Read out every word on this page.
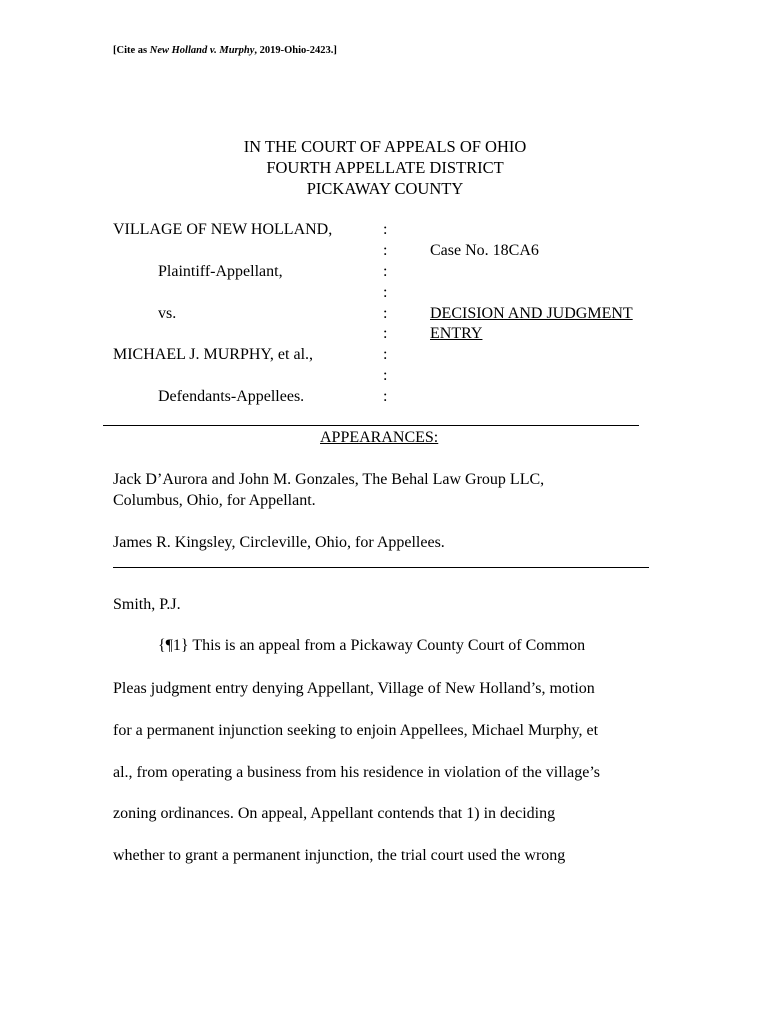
[Cite as New Holland v. Murphy, 2019-Ohio-2423.]
IN THE COURT OF APPEALS OF OHIO
FOURTH APPELLATE DISTRICT
PICKAWAY COUNTY
VILLAGE OF NEW HOLLAND,
Plaintiff-Appellant,
vs.
MICHAEL J. MURPHY, et al.,
Defendants-Appellees.
:
:
:
:
:
:
:
:
:
Case No. 18CA6
DECISION AND JUDGMENT
ENTRY
APPEARANCES:
Jack D’Aurora and John M. Gonzales, The Behal Law Group LLC,
Columbus, Ohio, for Appellant.
James R. Kingsley, Circleville, Ohio, for Appellees.
Smith, P.J.
{¶1} This is an appeal from a Pickaway County Court of Common
Pleas judgment entry denying Appellant, Village of New Holland’s, motion
for a permanent injunction seeking to enjoin Appellees, Michael Murphy, et
al., from operating a business from his residence in violation of the village’s
zoning ordinances. On appeal, Appellant contends that 1) in deciding
whether to grant a permanent injunction, the trial court used the wrong
